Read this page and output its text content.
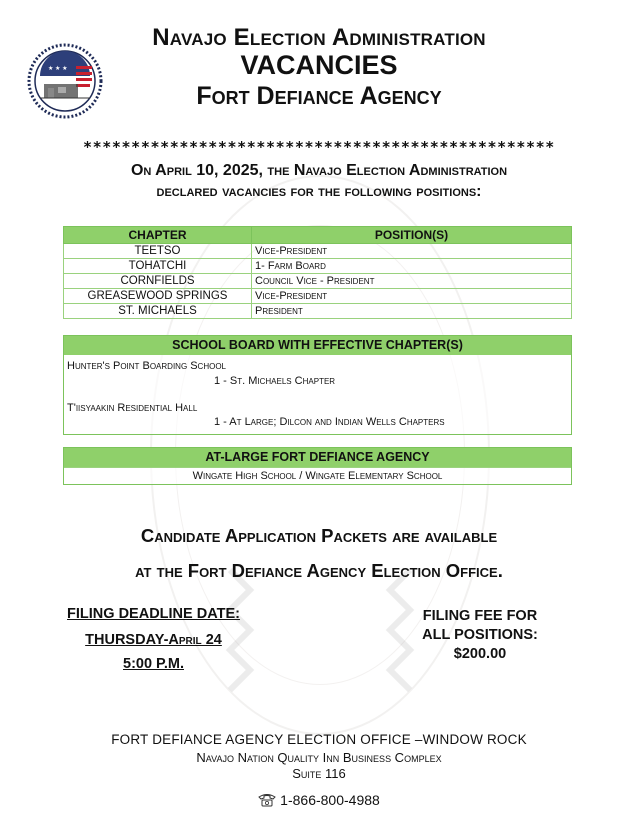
★ ★ ★
Navajo Election Administration
VACANCIES
Fort Defiance Agency
*************************************************
On April 10, 2025, the Navajo Election Administration
declared vacancies for the following positions:
CHAPTER	POSITION(S)
TEETSO	Vice-President
TOHATCHI	1- Farm Board
CORNFIELDS	Council Vice - President
GREASEWOOD SPRINGS	Vice-President
ST. MICHAELS	President
SCHOOL BOARD WITH EFFECTIVE CHAPTER(S)
Hunter's Point Boarding School
1 - St. Michaels Chapter
T'iisyaakin Residential Hall
1 - At Large; Dilcon and Indian Wells Chapters
AT-LARGE FORT DEFIANCE AGENCY
Wingate High School / Wingate Elementary School
Candidate Application Packets are available
at the Fort Defiance Agency Election Office.
FILING DEADLINE DATE:
THURSDAY-April 24
5:00 P.M.
FILING FEE FOR
ALL POSITIONS:
$200.00
FORT DEFIANCE AGENCY ELECTION OFFICE –WINDOW ROCK
Navajo Nation Quality Inn Business Complex
Suite 116
1-866-800-4988
